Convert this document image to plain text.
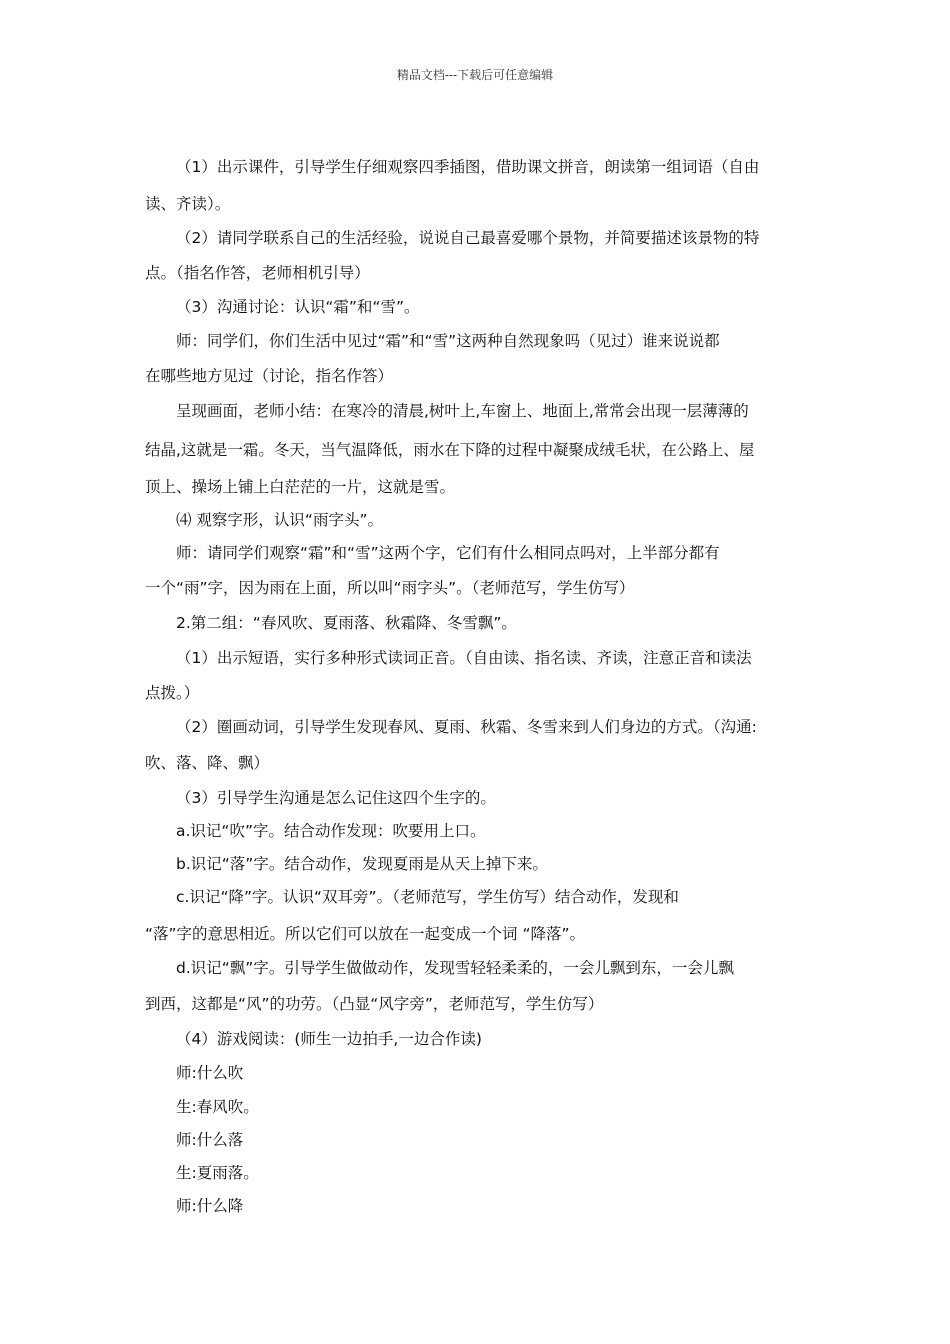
精品文档---下载后可任意编辑
（1）出示课件，引导学生仔细观察四季插图，借助课文拼音，朗读第一组词语（自由
读、齐读）。
（2）请同学联系自己的生活经验，说说自己最喜爱哪个景物，并简要描述该景物的特
点。（指名作答，老师相机引导）
（3）沟通讨论：认识“霜”和“雪”。
师：同学们，你们生活中见过“霜”和“雪”这两种自然现象吗（见过）谁来说说都
在哪些地方见过（讨论，指名作答）
呈现画面，老师小结：在寒冷的清晨,树叶上,车窗上、地面上,常常会出现一层薄薄的
结晶,这就是一霜。冬天，当气温降低，雨水在下降的过程中凝聚成绒毛状，在公路上、屋
顶上、操场上铺上白茫茫的一片，这就是雪。
⑷ 观察字形，认识“雨字头”。
师：请同学们观察“霜”和“雪”这两个字，它们有什么相同点吗对，上半部分都有
一个“雨”字，因为雨在上面，所以叫“雨字头”。（老师范写，学生仿写）
2.第二组：“春风吹、夏雨落、秋霜降、冬雪飘”。
（1）出示短语，实行多种形式读词正音。（自由读、指名读、齐读，注意正音和读法
点拨。）
（2）圈画动词，引导学生发现春风、夏雨、秋霜、冬雪来到人们身边的方式。（沟通:
吹、落、降、飘）
（3）引导学生沟通是怎么记住这四个生字的。
a.识记“吹”字。结合动作发现：吹要用上口。
b.识记“落”字。结合动作，发现夏雨是从天上掉下来。
c.识记“降”字。认识“双耳旁”。（老师范写，学生仿写）结合动作，发现和
“落”字的意思相近。所以它们可以放在一起变成一个词 “降落”。
d.识记“飘”字。引导学生做做动作，发现雪轻轻柔柔的，一会儿飘到东，一会儿飘
到西，这都是“风”的功劳。（凸显“风字旁”，老师范写，学生仿写）
（4）游戏阅读：(师生一边拍手,一边合作读)
师:什么吹
生:春风吹。
师:什么落
生:夏雨落。
师:什么降
